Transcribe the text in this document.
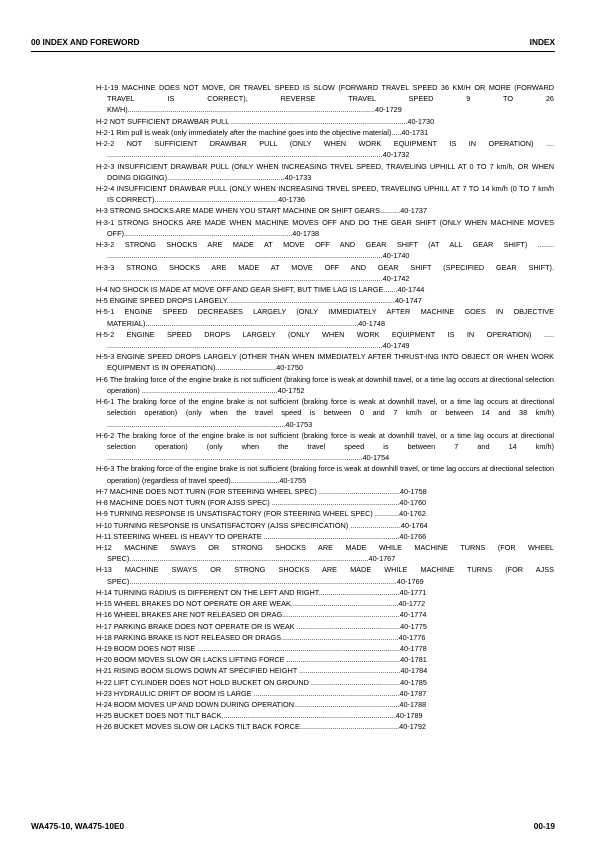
00 INDEX AND FOREWORD	INDEX
H-1-19 MACHINE DOES NOT MOVE, OR TRAVEL SPEED IS SLOW (FORWARD TRAVEL SPEED 36 KM/H OR MORE (FORWARD TRAVEL IS CORRECT), REVERSE TRAVEL SPEED 9 TO 26 KM/H)..........................................................................................................................40-1729
H-2 NOT SUFFICIENT DRAWBAR PULL .......................................................................................40-1730
H-2-1 Rim pull is weak (only immediately after the machine goes into the objective material).....40-1731
H-2-2 NOT SUFFICIENT DRAWBAR PULL (ONLY WHEN WORK EQUIPMENT IS IN OPERATION) .... ........................................................................................................................................40-1732
H-2-3 INSUFFICIENT DRAWBAR PULL (ONLY WHEN INCREASING TRVEL SPEED, TRAVELING UPHILL AT 0 TO 7 km/h, OR WHEN DOING DIGGING)..........................................................40-1733
H-2-4 INSUFFICIENT DRAWBAR PULL (ONLY WHEN INCREASING TRVEL SPEED, TRAVELING UPHILL AT 7 TO 14 km/h (0 TO 7 km/h IS CORRECT).............................................................40-1736
H-3 STRONG SHOCKS ARE MADE WHEN YOU START MACHINE OR SHIFT GEARS..........40-1737
H-3-1 STRONG SHOCKS ARE MADE WHEN MACHINE MOVES OFF AND DO THE GEAR SHIFT (ONLY WHEN MACHINE MOVES OFF)...................................................................................40-1738
H-3-2 STRONG SHOCKS ARE MADE AT MOVE OFF AND GEAR SHIFT (AT ALL GEAR SHIFT) ........ ........................................................................................................................................40-1740
H-3-3 STRONG SHOCKS ARE MADE AT MOVE OFF AND GEAR SHIFT (SPECIFIED GEAR SHIFT). ........................................................................................................................................40-1742
H-4 NO SHOCK IS MADE AT MOVE OFF AND GEAR SHIFT, BUT TIME LAG IS LARGE.......40-1744
H-5 ENGINE SPEED DROPS LARGELY...................................................................................40-1747
H-5-1 ENGINE SPEED DECREASES LARGELY (ONLY IMMEDIATELY AFTER MACHINE GOES IN OBJECTIVE MATERIAL).........................................................................................................40-1748
H-5-2 ENGINE SPEED DROPS LARGELY (ONLY WHEN WORK EQUIPMENT IS IN OPERATION) ..... ........................................................................................................................................40-1749
H-5-3 ENGINE SPEED DROPS LARGELY (OTHER THAN WHEN IMMEDIATELY AFTER THRUST-ING INTO OBJECT OR WHEN WORK EQUIPMENT IS IN OPERATION)..............................40-1750
H-6 The braking force of the engine brake is not sufficient (braking force is weak at downhill travel, or a time lag occurs at directional selection operation) ...................................................................40-1752
H-6-1 The braking force of the engine brake is not sufficient (braking force is weak at downhill travel, or a time lag occurs at directional selection operation) (only when the travel speed is between 0 and 7 km/h or between 14 and 38 km/h) ........................................................................................40-1753
H-6-2 The braking force of the engine brake is not sufficient (braking force is weak at downhill travel, or a time lag occurs at directional selection operation) (only when the travel speed is between 7 and 14 km/h) ..............................................................................................................................40-1754
H-6-3 The braking force of the engine brake is not sufficient (braking force is weak at downhill travel, or time lag occurs at directional selection operation) (regardless of travel speed)........................40-1755
H-7 MACHINE DOES NOT TURN (FOR STEERING WHEEL SPEC) ........................................40-1758
H-8 MACHINE DOES NOT TURN (FOR AJSS SPEC) ...............................................................40-1760
H-9 TURNING RESPONSE IS UNSATISFACTORY (FOR STEERING WHEEL SPEC) ............40-1762
H-10 TURNING RESPONSE IS UNSATISFACTORY (AJSS SPECIFICATION) .........................40-1764
H-11 STEERING WHEEL IS HEAVY TO OPERATE ...................................................................40-1766
H-12 MACHINE SWAYS OR STRONG SHOCKS ARE MADE WHILE MACHINE TURNS (FOR WHEEL SPEC)......................................................................................................................40-1767
H-13 MACHINE SWAYS OR STRONG SHOCKS ARE MADE WHILE MACHINE TURNS (FOR AJSS SPEC)....................................................................................................................................40-1769
H-14 TURNING RADIUS IS DIFFERENT ON THE LEFT AND RIGHT........................................40-1771
H-15 WHEEL BRAKES DO NOT OPERATE OR ARE WEAK.....................................................40-1772
H-16 WHEEL BRAKES ARE NOT RELEASED OR DRAG..........................................................40-1774
H-17 PARKING BRAKE DOES NOT OPERATE OR IS WEAK ...................................................40-1775
H-18 PARKING BRAKE IS NOT RELEASED OR DRAGS..........................................................40-1776
H-19 BOOM DOES NOT RISE ....................................................................................................40-1778
H-20 BOOM MOVES SLOW OR LACKS LIFTING FORCE ........................................................40-1781
H-21 RISING BOOM SLOWS DOWN AT SPECIFIED HEIGHT ..................................................40-1784
H-22 LIFT CYLINDER DOES NOT HOLD BUCKET ON GROUND ............................................40-1785
H-23 HYDRAULIC DRIFT OF BOOM IS LARGE ........................................................................40-1787
H-24 BOOM MOVES UP AND DOWN DURING OPERATION....................................................40-1788
H-25 BUCKET DOES NOT TILT BACK......................................................................................40-1789
H-26 BUCKET MOVES SLOW OR LACKS TILT BACK FORCE.................................................40-1792
WA475-10, WA475-10E0	00-19
